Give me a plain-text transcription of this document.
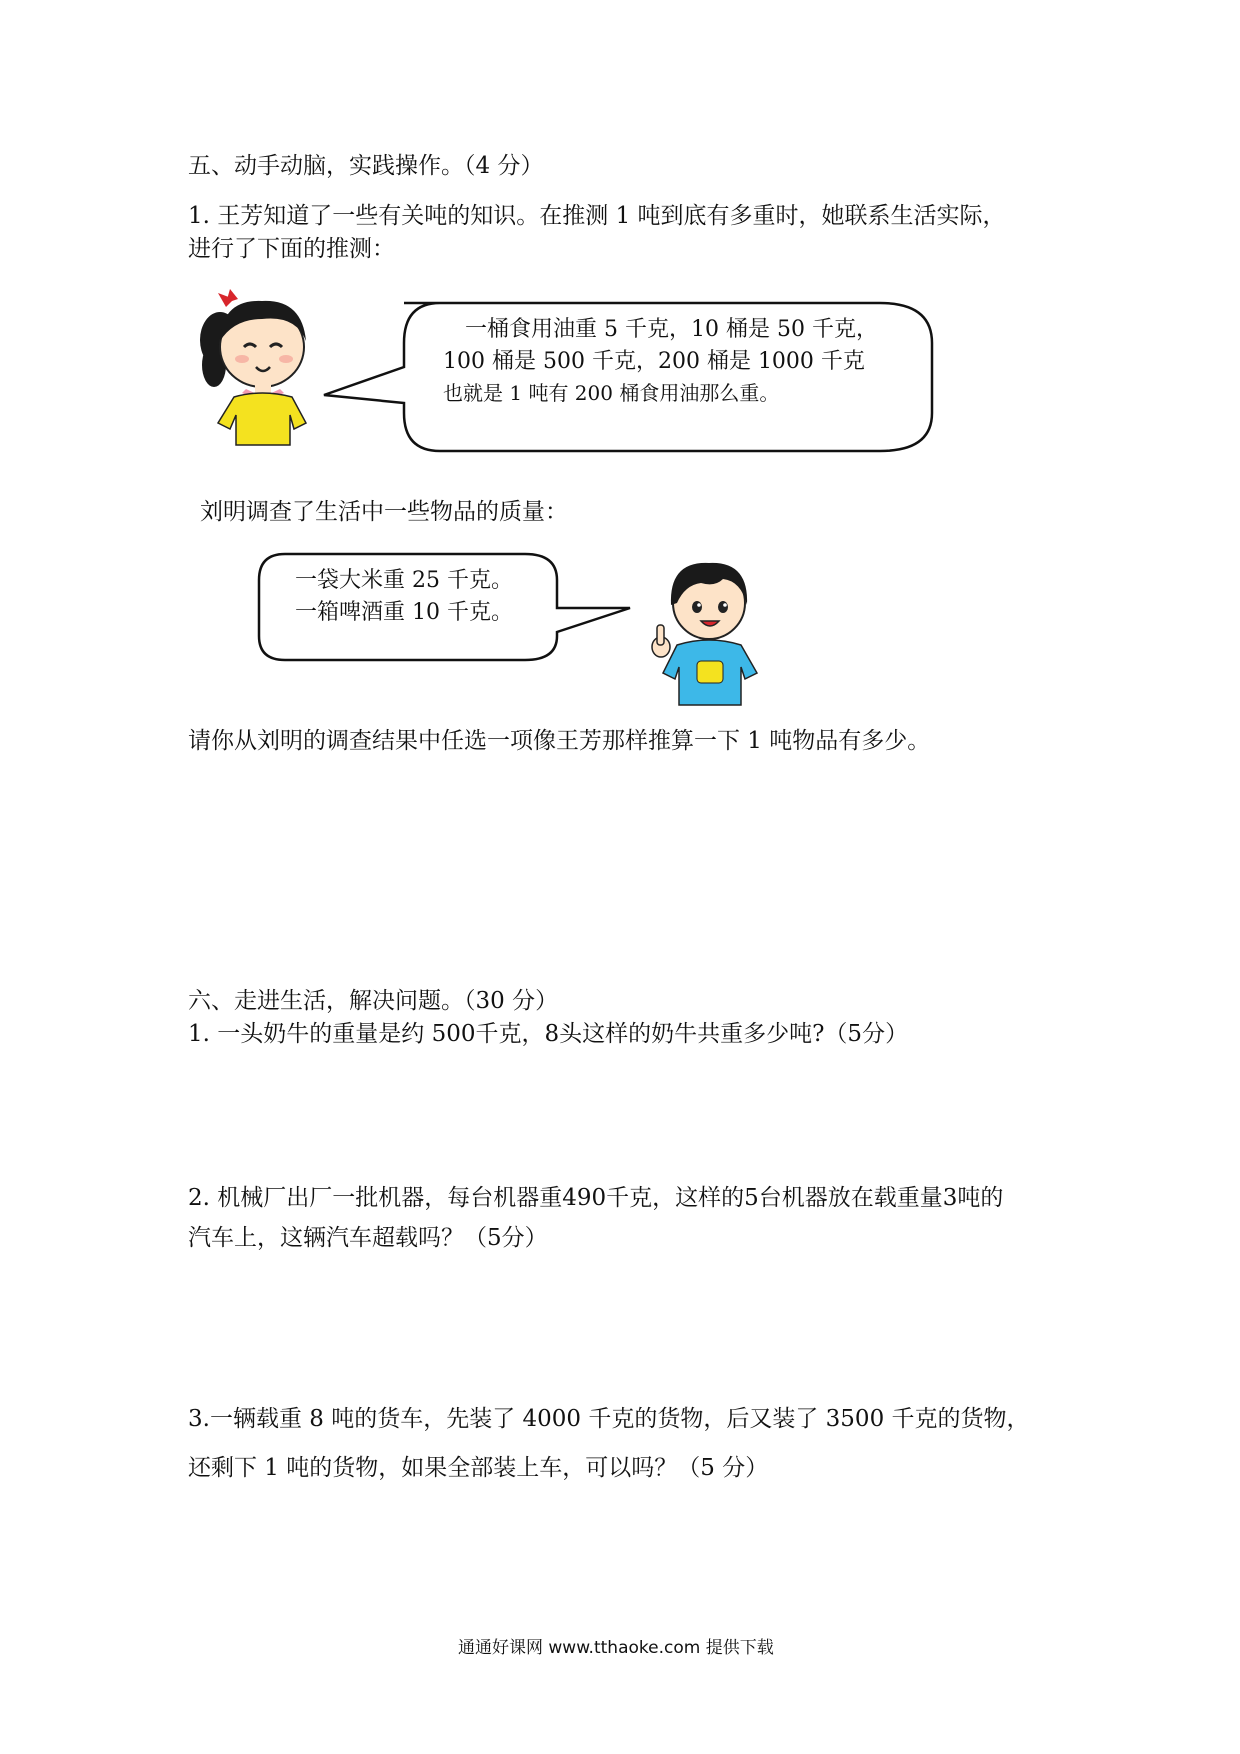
五、动手动脑，实践操作。（4 分）
1. 王芳知道了一些有关吨的知识。在推测 1 吨到底有多重时，她联系生活实际，
进行了下面的推测：
一桶食用油重 5 千克，10 桶是 50 千克，
100 桶是 500 千克，200 桶是 1000 千克
也就是 1 吨有 200 桶食用油那么重。
刘明调查了生活中一些物品的质量：
一袋大米重 25 千克。
一箱啤酒重 10 千克。
请你从刘明的调查结果中任选一项像王芳那样推算一下 1 吨物品有多少。
六、走进生活，解决问题。（30 分）
1. 一头奶牛的重量是约 500千克，8头这样的奶牛共重多少吨?（5分）
2. 机械厂出厂一批机器，每台机器重490千克，这样的5台机器放在载重量3吨的
汽车上，这辆汽车超载吗？（5分）
3.一辆载重 8 吨的货车，先装了 4000 千克的货物，后又装了 3500 千克的货物，
还剩下 1 吨的货物，如果全部装上车，可以吗？（5 分）
通通好课网 www.tthaoke.com 提供下载
